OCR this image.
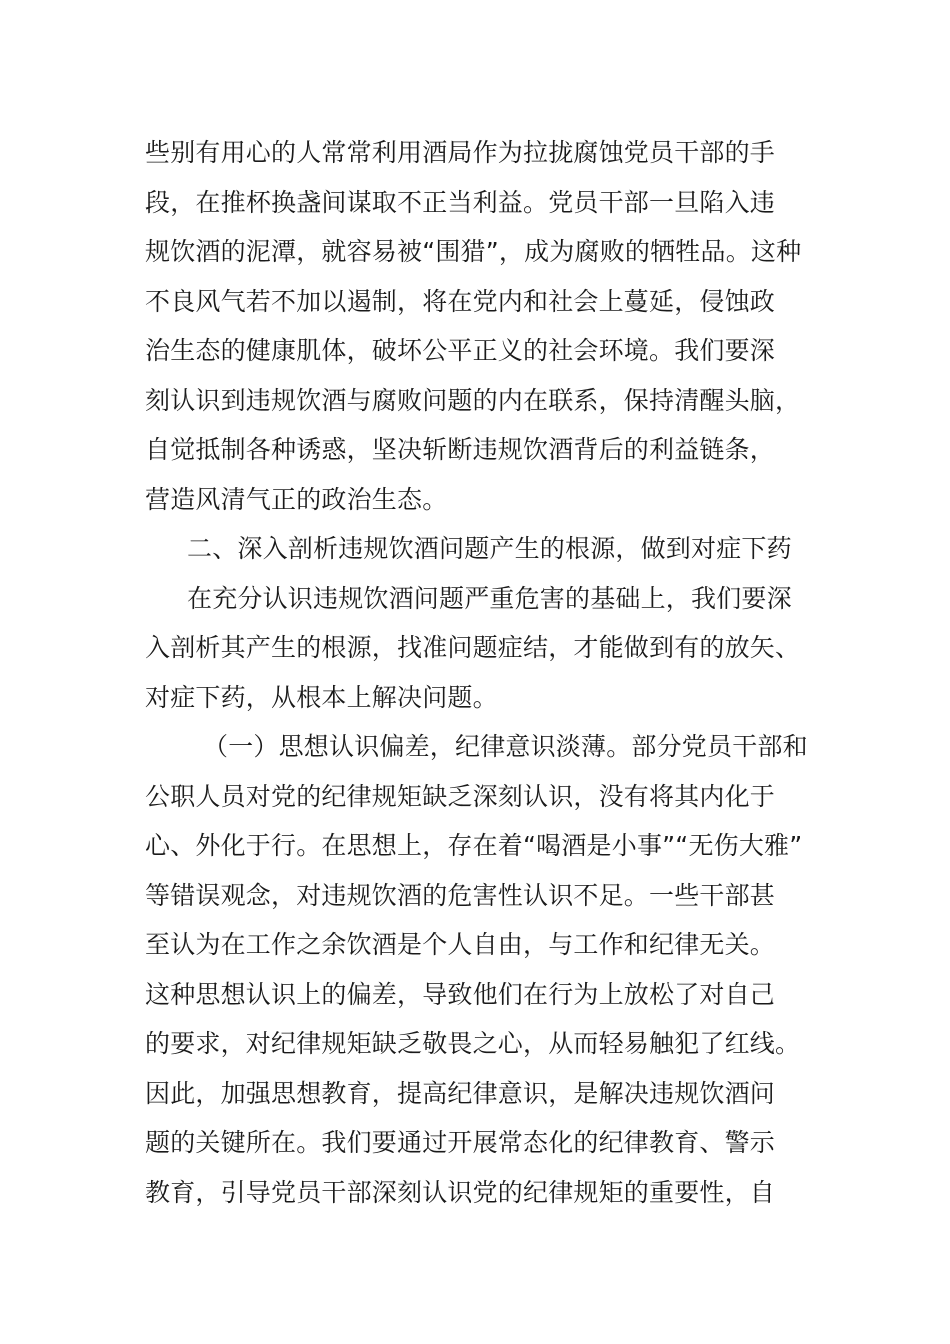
些别有用心的人常常利用酒局作为拉拢腐蚀党员干部的手
段，在推杯换盏间谋取不正当利益。党员干部一旦陷入违
规饮酒的泥潭，就容易被“围猎”，成为腐败的牺牲品。这种
不良风气若不加以遏制，将在党内和社会上蔓延，侵蚀政
治生态的健康肌体，破坏公平正义的社会环境。我们要深
刻认识到违规饮酒与腐败问题的内在联系，保持清醒头脑，
自觉抵制各种诱惑，坚决斩断违规饮酒背后的利益链条，
营造风清气正的政治生态。
二、深入剖析违规饮酒问题产生的根源，做到对症下药
在充分认识违规饮酒问题严重危害的基础上，我们要深
入剖析其产生的根源，找准问题症结，才能做到有的放矢、
对症下药，从根本上解决问题。
（一）思想认识偏差，纪律意识淡薄。部分党员干部和
公职人员对党的纪律规矩缺乏深刻认识，没有将其内化于
心、外化于行。在思想上，存在着“喝酒是小事”“无伤大雅”
等错误观念，对违规饮酒的危害性认识不足。一些干部甚
至认为在工作之余饮酒是个人自由，与工作和纪律无关。
这种思想认识上的偏差，导致他们在行为上放松了对自己
的要求，对纪律规矩缺乏敬畏之心，从而轻易触犯了红线。
因此，加强思想教育，提高纪律意识，是解决违规饮酒问
题的关键所在。我们要通过开展常态化的纪律教育、警示
教育，引导党员干部深刻认识党的纪律规矩的重要性，自
